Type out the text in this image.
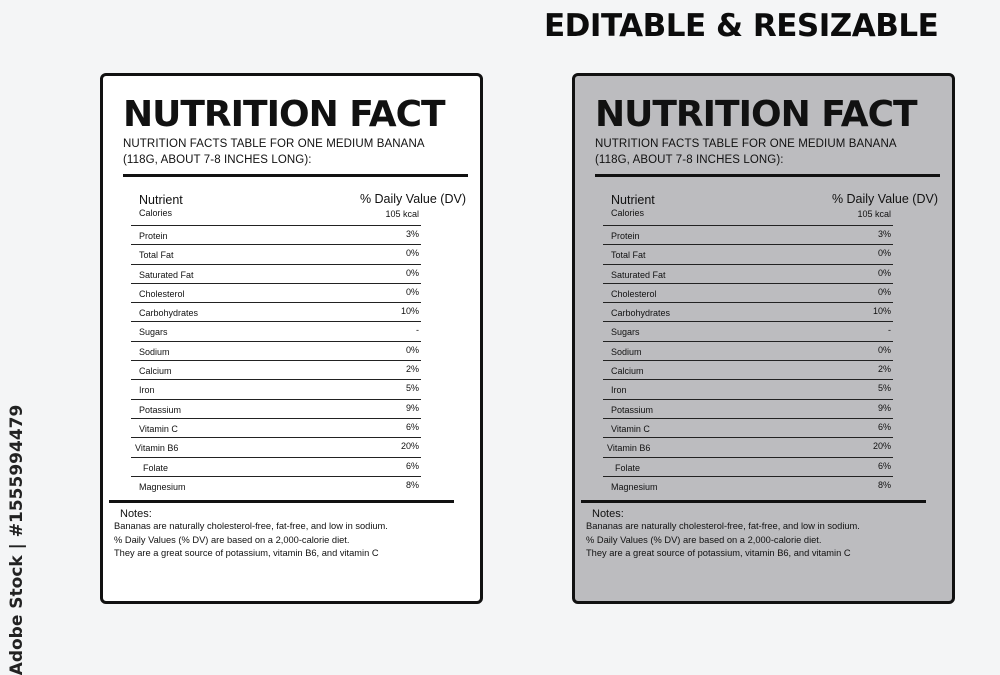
EDITABLE & RESIZABLE
Adobe Stock | #1555994479
NUTRITION FACT
NUTRITION FACTS TABLE FOR ONE MEDIUM BANANA
(118G, ABOUT 7-8 INCHES LONG):
Nutrient	% Daily Value (DV)
Calories	105 kcal
Protein	3%
Total Fat	0%
Saturated Fat	0%
Cholesterol	0%
Carbohydrates	10%
Sugars	-
Sodium	0%
Calcium	2%
Iron	5%
Potassium	9%
Vitamin C	6%
Vitamin B6	20%
Folate	6%
Magnesium	8%
Notes:
Bananas are naturally cholesterol-free, fat-free, and low in sodium.
% Daily Values (% DV) are based on a 2,000-calorie diet.
They are a great source of potassium, vitamin B6, and vitamin C
NUTRITION FACT
NUTRITION FACTS TABLE FOR ONE MEDIUM BANANA
(118G, ABOUT 7-8 INCHES LONG):
Nutrient	% Daily Value (DV)
Calories	105 kcal
Protein	3%
Total Fat	0%
Saturated Fat	0%
Cholesterol	0%
Carbohydrates	10%
Sugars	-
Sodium	0%
Calcium	2%
Iron	5%
Potassium	9%
Vitamin C	6%
Vitamin B6	20%
Folate	6%
Magnesium	8%
Notes:
Bananas are naturally cholesterol-free, fat-free, and low in sodium.
% Daily Values (% DV) are based on a 2,000-calorie diet.
They are a great source of potassium, vitamin B6, and vitamin C
